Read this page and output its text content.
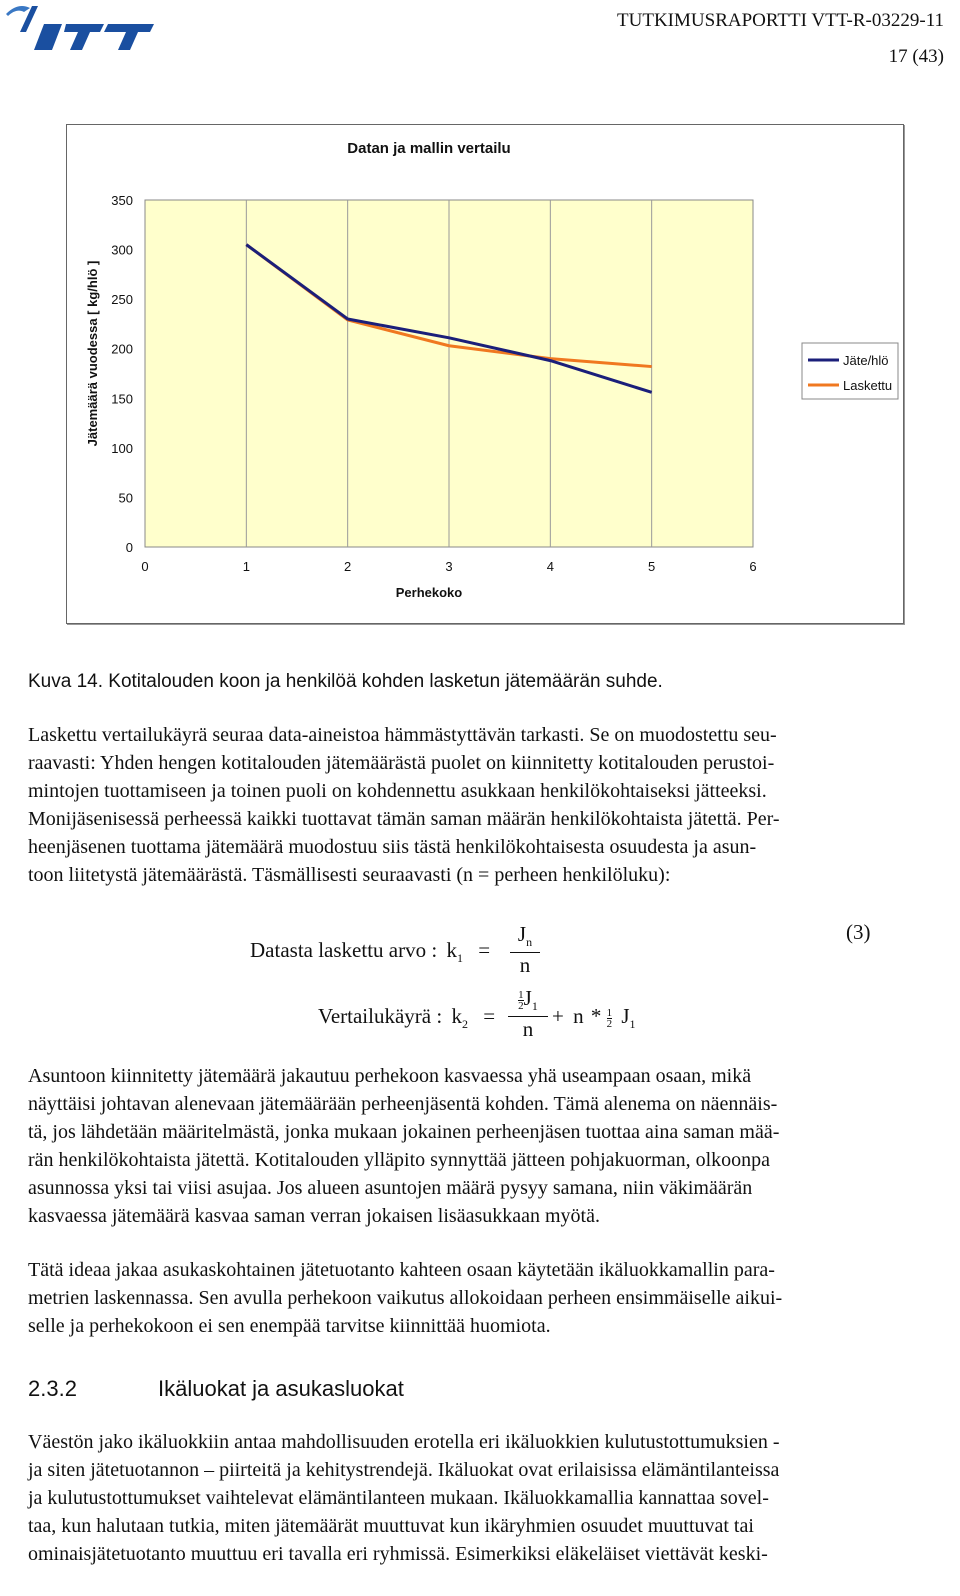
TUTKIMUSRAPORTTI VTT-R-03229-11
17 (43)
0	1	2	3	4	5	6
0
50
100
150
200
250
300
350
Datan ja mallin vertailu
Perhekoko
Jätemäärä vuodessa [ kg/hlö ]	Jäte/hlö
Laskettu
Kuva 14. Kotitalouden koon ja henkilöä kohden lasketun jätemäärän suhde.
Laskettu vertailukäyrä seuraa data-aineistoa hämmästyttävän tarkasti. Se on muodostettu seu-
raavasti: Yhden hengen kotitalouden jätemäärästä puolet on kiinnitetty kotitalouden perustoi-
mintojen tuottamiseen ja toinen puoli on kohdennettu asukkaan henkilökohtaiseksi jätteeksi.
Monijäsenisessä perheessä kaikki tuottavat tämän saman määrän henkilökohtaista jätettä. Per-
heenjäsenen tuottama jätemäärä muodostuu siis tästä henkilökohtaisesta osuudesta ja asun-
toon liitetystä jätemäärästä. Täsmällisesti seuraavasti (n = perheen henkilöluku):
Datasta laskettu arvo : $k_1$ =
$J_n$
n
Vertailukäyrä : $k_2$ =
$\frac{1}{2} J_1$
n
+ n * $\frac{1}{2} J_1$
(3)
Asuntoon kiinnitetty jätemäärä jakautuu perhekoon kasvaessa yhä useampaan osaan, mikä
näyttäisi johtavan alenevaan jätemäärään perheenjäsentä kohden. Tämä alenema on näennäis-
tä, jos lähdetään määritelmästä, jonka mukaan jokainen perheenjäsen tuottaa aina saman mää-
rän henkilökohtaista jätettä. Kotitalouden ylläpito synnyttää jätteen pohjakuorman, olkoonpa
asunnossa yksi tai viisi asujaa. Jos alueen asuntojen määrä pysyy samana, niin väkimäärän
kasvaessa jätemäärä kasvaa saman verran jokaisen lisäasukkaan myötä.
Tätä ideaa jakaa asukaskohtainen jätetuotanto kahteen osaan käytetään ikäluokkamallin para-
metrien laskennassa. Sen avulla perhekoon vaikutus allokoidaan perheen ensimmäiselle aikui-
selle ja perhekokoon ei sen enempää tarvitse kiinnittää huomiota.
2.3.2	Ikäluokat ja asukasluokat
Väestön jako ikäluokkiin antaa mahdollisuuden erotella eri ikäluokkien kulutustottumuksien -
ja siten jätetuotannon – piirteitä ja kehitystrendejä. Ikäluokat ovat erilaisissa elämäntilanteissa
ja kulutustottumukset vaihtelevat elämäntilanteen mukaan. Ikäluokkamallia kannattaa sovel-
taa, kun halutaan tutkia, miten jätemäärät muuttuvat kun ikäryhmien osuudet muuttuvat tai
ominaisjätetuotanto muuttuu eri tavalla eri ryhmissä. Esimerkiksi eläkeläiset viettävät keski-
